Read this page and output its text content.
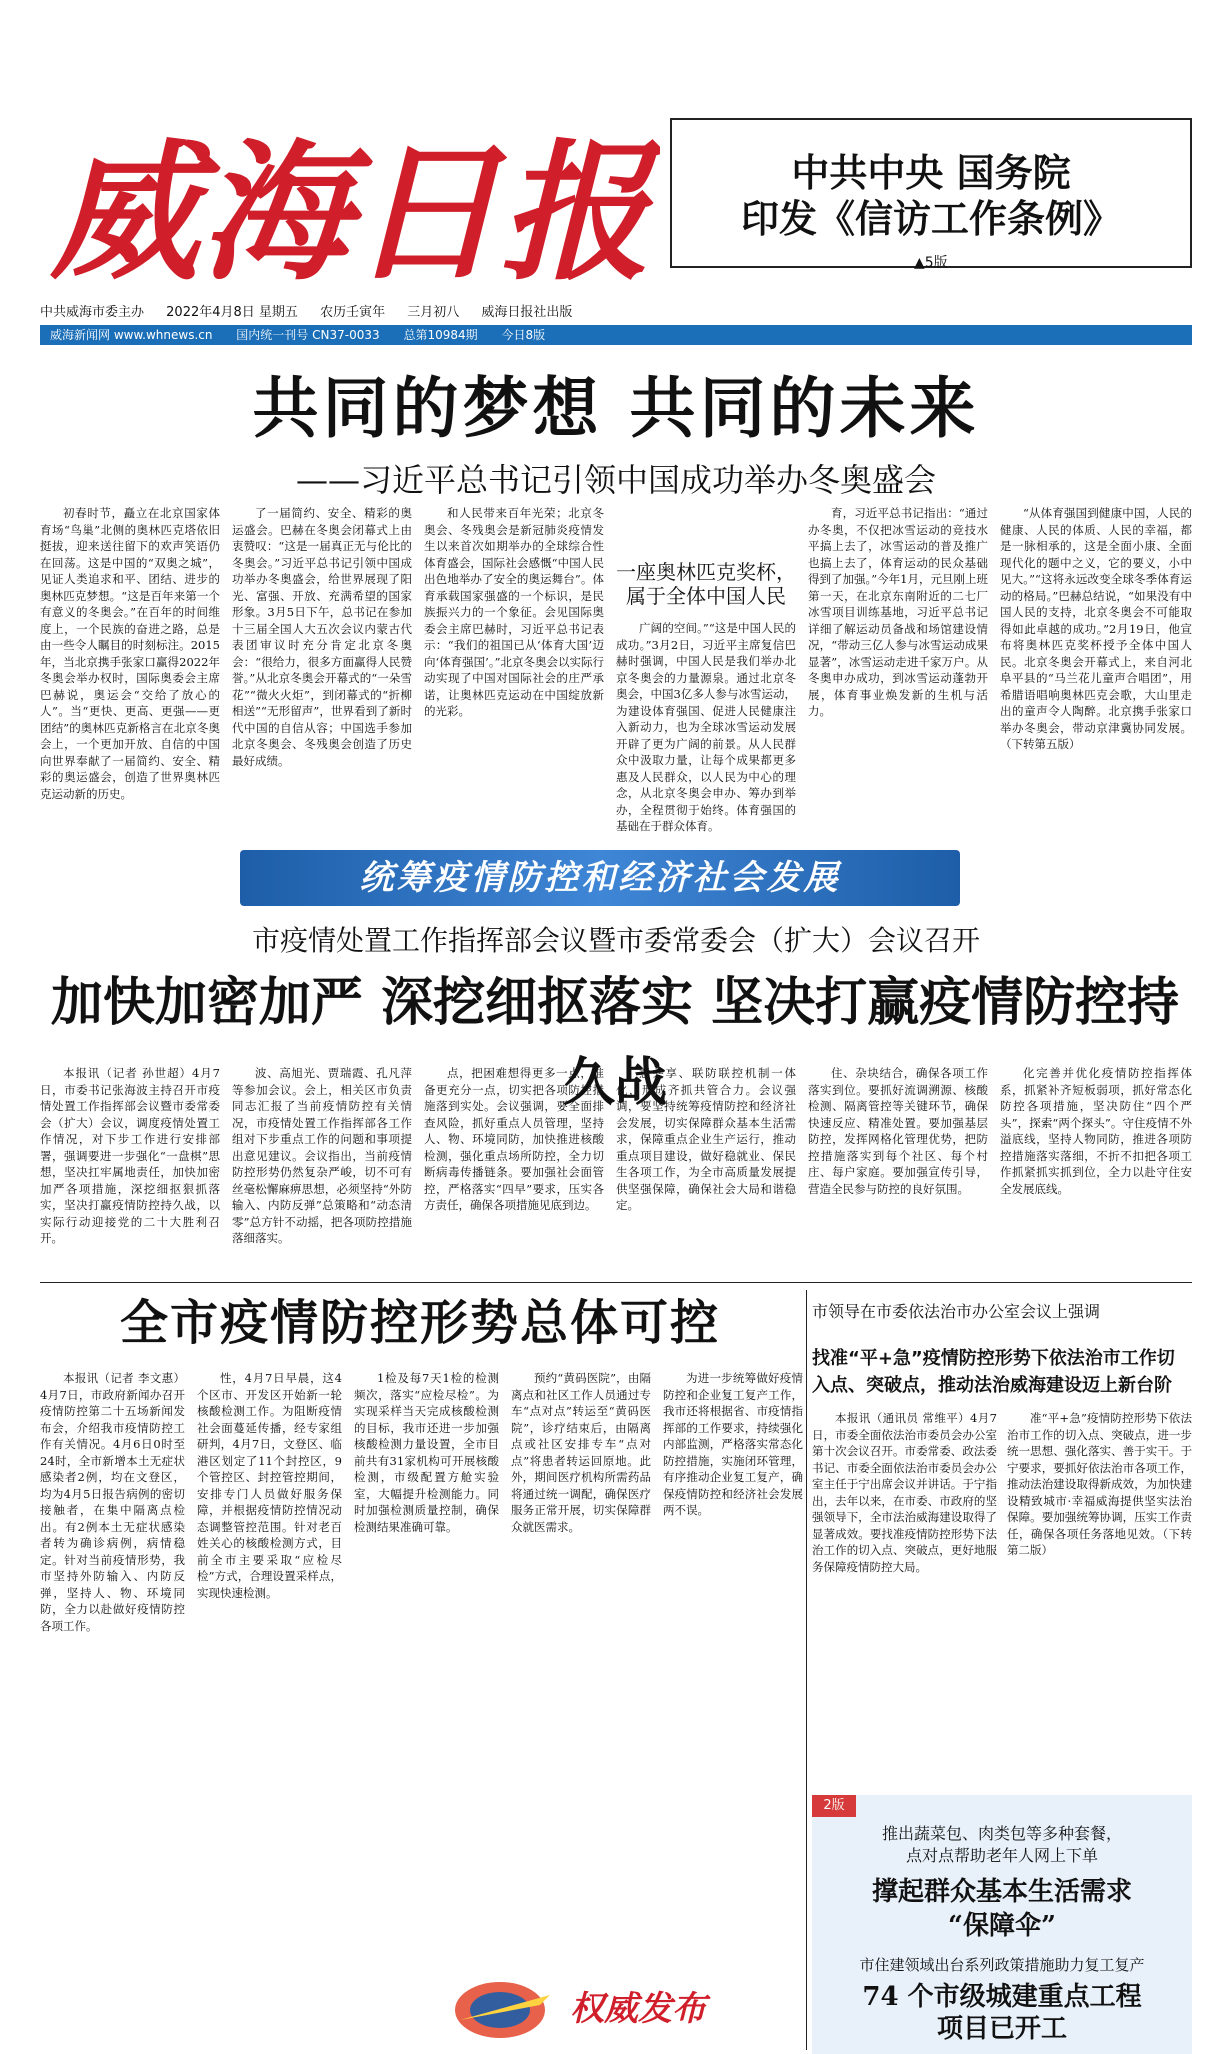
威海日报	中共中央 国务院
印发《信访工作条例》
▲5版
中共威海市委主办 2022年4月8日 星期五 农历壬寅年 三月初八 威海日报社出版
威海新闻网 www.whnews.cn 国内统一刊号 CN37-0033 总第10984期 今日8版
共同的梦想 共同的未来
——习近平总书记引领中国成功举办冬奥盛会

初春时节，矗立在北京国家体育场“鸟巢”北侧的奥林匹克塔依旧挺拔，迎来送往留下的欢声笑语仍在回荡。这是中国的“双奥之城”，见证人类追求和平、团结、进步的奥林匹克梦想。“这是百年来第一个有意义的冬奥会。”在百年的时间维度上，一个民族的奋进之路，总是由一些令人瞩目的时刻标注。2015年，当北京携手张家口赢得2022年冬奥会举办权时，国际奥委会主席巴赫说，奥运会“交给了放心的人”。当“更快、更高、更强——更团结”的奥林匹克新格言在北京冬奥会上，一个更加开放、自信的中国向世界奉献了一届简约、安全、精彩的奥运盛会，创造了世界奥林匹克运动新的历史。

了一届简约、安全、精彩的奥运盛会。巴赫在冬奥会闭幕式上由衷赞叹：“这是一届真正无与伦比的冬奥会。”习近平总书记引领中国成功举办冬奥盛会，给世界展现了阳光、富强、开放、充满希望的国家形象。3月5日下午，总书记在参加十三届全国人大五次会议内蒙古代表团审议时充分肯定北京冬奥会：“很给力，很多方面赢得人民赞誉。”从北京冬奥会开幕式的“一朵雪花”“微火火炬”，到闭幕式的“折柳相送”“无形留声”，世界看到了新时代中国的自信从容；中国选手参加北京冬奥会、冬残奥会创造了历史最好成绩。

和人民带来百年光荣；北京冬奥会、冬残奥会是新冠肺炎疫情发生以来首次如期举办的全球综合性体育盛会，国际社会感慨“中国人民出色地举办了安全的奥运舞台”。体育承载国家强盛的一个标识，是民族振兴力的一个象征。会见国际奥委会主席巴赫时，习近平总书记表示：“我们的祖国已从‘体育大国’迈向‘体育强国’。”北京冬奥会以实际行动实现了中国对国际社会的庄严承诺，让奥林匹克运动在中国绽放新的光彩。

一座奥林匹克奖杯，
属于全体中国人民

广阔的空间。”“这是中国人民的成功。”3月2日，习近平主席复信巴赫时强调，中国人民是我们举办北京冬奥会的力量源泉。通过北京冬奥会，中国3亿多人参与冰雪运动，为建设体育强国、促进人民健康注入新动力，也为全球冰雪运动发展开辟了更为广阔的前景。从人民群众中汲取力量，让每个成果都更多惠及人民群众，以人民为中心的理念，从北京冬奥会申办、筹办到举办，全程贯彻于始终。体育强国的基础在于群众体育。

育，习近平总书记指出：“通过办冬奥，不仅把冰雪运动的竞技水平搞上去了，冰雪运动的普及推广也搞上去了，体育运动的民众基础得到了加强。”今年1月，元旦刚上班第一天，在北京东南附近的二七厂冰雪项目训练基地，习近平总书记详细了解运动员备战和场馆建设情况，“带动三亿人参与冰雪运动成果显著”，冰雪运动走进千家万户。从冬奥申办成功，到冰雪运动蓬勃开展，体育事业焕发新的生机与活力。

“从体育强国到健康中国，人民的健康、人民的体质、人民的幸福，都是一脉相承的，这是全面小康、全面现代化的题中之义，它的要义，小中见大。”“这将永远改变全球冬季体育运动的格局。”巴赫总结说，“如果没有中国人民的支持，北京冬奥会不可能取得如此卓越的成功。”2月19日，他宣布将奥林匹克奖杯授予全体中国人民。北京冬奥会开幕式上，来自河北阜平县的“马兰花儿童声合唱团”，用希腊语唱响奥林匹克会歌，大山里走出的童声令人陶醉。北京携手张家口举办冬奥会，带动京津冀协同发展。（下转第五版）

统筹疫情防控和经济社会发展
市疫情处置工作指挥部会议暨市委常委会（扩大）会议召开
加快加密加严 深挖细抠落实 坚决打赢疫情防控持久战

本报讯（记者 孙世超）4月7日，市委书记张海波主持召开市疫情处置工作指挥部会议暨市委常委会（扩大）会议，调度疫情处置工作情况，对下步工作进行安排部署，强调要进一步强化“一盘棋”思想，坚决扛牢属地责任，加快加密加严各项措施，深挖细抠狠抓落实，坚决打赢疫情防控持久战，以实际行动迎接党的二十大胜利召开。

波、高旭光、贾瑞霞、孔凡萍等参加会议。会上，相关区市负责同志汇报了当前疫情防控有关情况，市疫情处置工作指挥部各工作组对下步重点工作的问题和事项提出意见建议。会议指出，当前疫情防控形势仍然复杂严峻，切不可有丝毫松懈麻痹思想，必须坚持“外防输入、内防反弹”总策略和“动态清零”总方针不动摇，把各项防控措施落细落实。

点，把困难想得更多一点，准备更充分一点，切实把各项防控措施落到实处。会议强调，要全面排查风险，抓好重点人员管理，坚持人、物、环境同防，加快推进核酸检测，强化重点场所防控，全力切断病毒传播链条。要加强社会面管控，严格落实“四早”要求，压实各方责任，确保各项措施见底到边。

意共享、联防联控机制一体化，形成齐抓共管合力。会议强调，要坚持统筹疫情防控和经济社会发展，切实保障群众基本生活需求，保障重点企业生产运行，推动重点项目建设，做好稳就业、保民生各项工作，为全市高质量发展提供坚强保障，确保社会大局和谐稳定。

住、杂块结合，确保各项工作落实到位。要抓好流调溯源、核酸检测、隔离管控等关键环节，确保快速反应、精准处置。要加强基层防控，发挥网格化管理优势，把防控措施落实到每个社区、每个村庄、每户家庭。要加强宣传引导，营造全民参与防控的良好氛围。

化完善并优化疫情防控指挥体系，抓紧补齐短板弱项，抓好常态化防控各项措施，坚决防住“四个严头”，探索“两个探头”。守住疫情不外溢底线，坚持人物同防，推进各项防控措施落实落细，不折不扣把各项工作抓紧抓实抓到位，全力以赴守住安全发展底线。

全市疫情防控形势总体可控

本报讯（记者 李文惠）4月7日，市政府新闻办召开疫情防控第二十五场新闻发布会，介绍我市疫情防控工作有关情况。4月6日0时至24时，全市新增本土无症状感染者2例，均在文登区，均为4月5日报告病例的密切接触者，在集中隔离点检出。有2例本土无症状感染者转为确诊病例，病情稳定。针对当前疫情形势，我市坚持外防输入、内防反弹，坚持人、物、环境同防，全力以赴做好疫情防控各项工作。

性，4月7日早晨，这4个区市、开发区开始新一轮核酸检测工作。为阻断疫情社会面蔓延传播，经专家组研判，4月7日，文登区、临港区划定了11个封控区，9个管控区、封控管控期间，安排专门人员做好服务保障，并根据疫情防控情况动态调整管控范围。针对老百姓关心的核酸检测方式，目前全市主要采取“应检尽检”方式，合理设置采样点，实现快速检测。

1检及每7天1检的检测频次，落实“应检尽检”。为实现采样当天完成核酸检测的目标，我市还进一步加强核酸检测力量设置，全市目前共有31家机构可开展核酸检测，市级配置方舱实验室，大幅提升检测能力。同时加强检测质量控制，确保检测结果准确可靠。

预约“黄码医院”，由隔离点和社区工作人员通过专车“点对点”转运至“黄码医院”，诊疗结束后，由隔离点或社区安排专车“点对点”将患者转运回原地。此外，期间医疗机构所需药品将通过统一调配，确保医疗服务正常开展，切实保障群众就医需求。

为进一步统筹做好疫情防控和企业复工复产工作，我市还将根据省、市疫情指挥部的工作要求，持续强化内部监测，严格落实常态化防控措施，实施闭环管理，有序推动企业复工复产，确保疫情防控和经济社会发展两不误。

市领导在市委依法治市办公室会议上强调
找准“平+急”疫情防控形势下依法治市工作切入点、突破点，推动法治威海建设迈上新台阶

本报讯（通讯员 常维平）4月7日，市委全面依法治市委员会办公室第十次会议召开。市委常委、政法委书记、市委全面依法治市委员会办公室主任于宁出席会议并讲话。于宁指出，去年以来，在市委、市政府的坚强领导下，全市法治威海建设取得了显著成效。要找准疫情防控形势下法治工作的切入点、突破点，更好地服务保障疫情防控大局。

准“平+急”疫情防控形势下依法治市工作的切入点、突破点，进一步统一思想、强化落实、善于实干。于宁要求，要抓好依法治市各项工作，推动法治建设取得新成效，为加快建设精致城市·幸福威海提供坚实法治保障。要加强统筹协调，压实工作责任，确保各项任务落地见效。（下转第二版）

2版
推出蔬菜包、肉类包等多种套餐，
点对点帮助老年人网上下单
撑起群众基本生活需求
“保障伞”
市住建领域出台系列政策措施助力复工复产
74 个市级城建重点工程
项目已开工
权威发布
